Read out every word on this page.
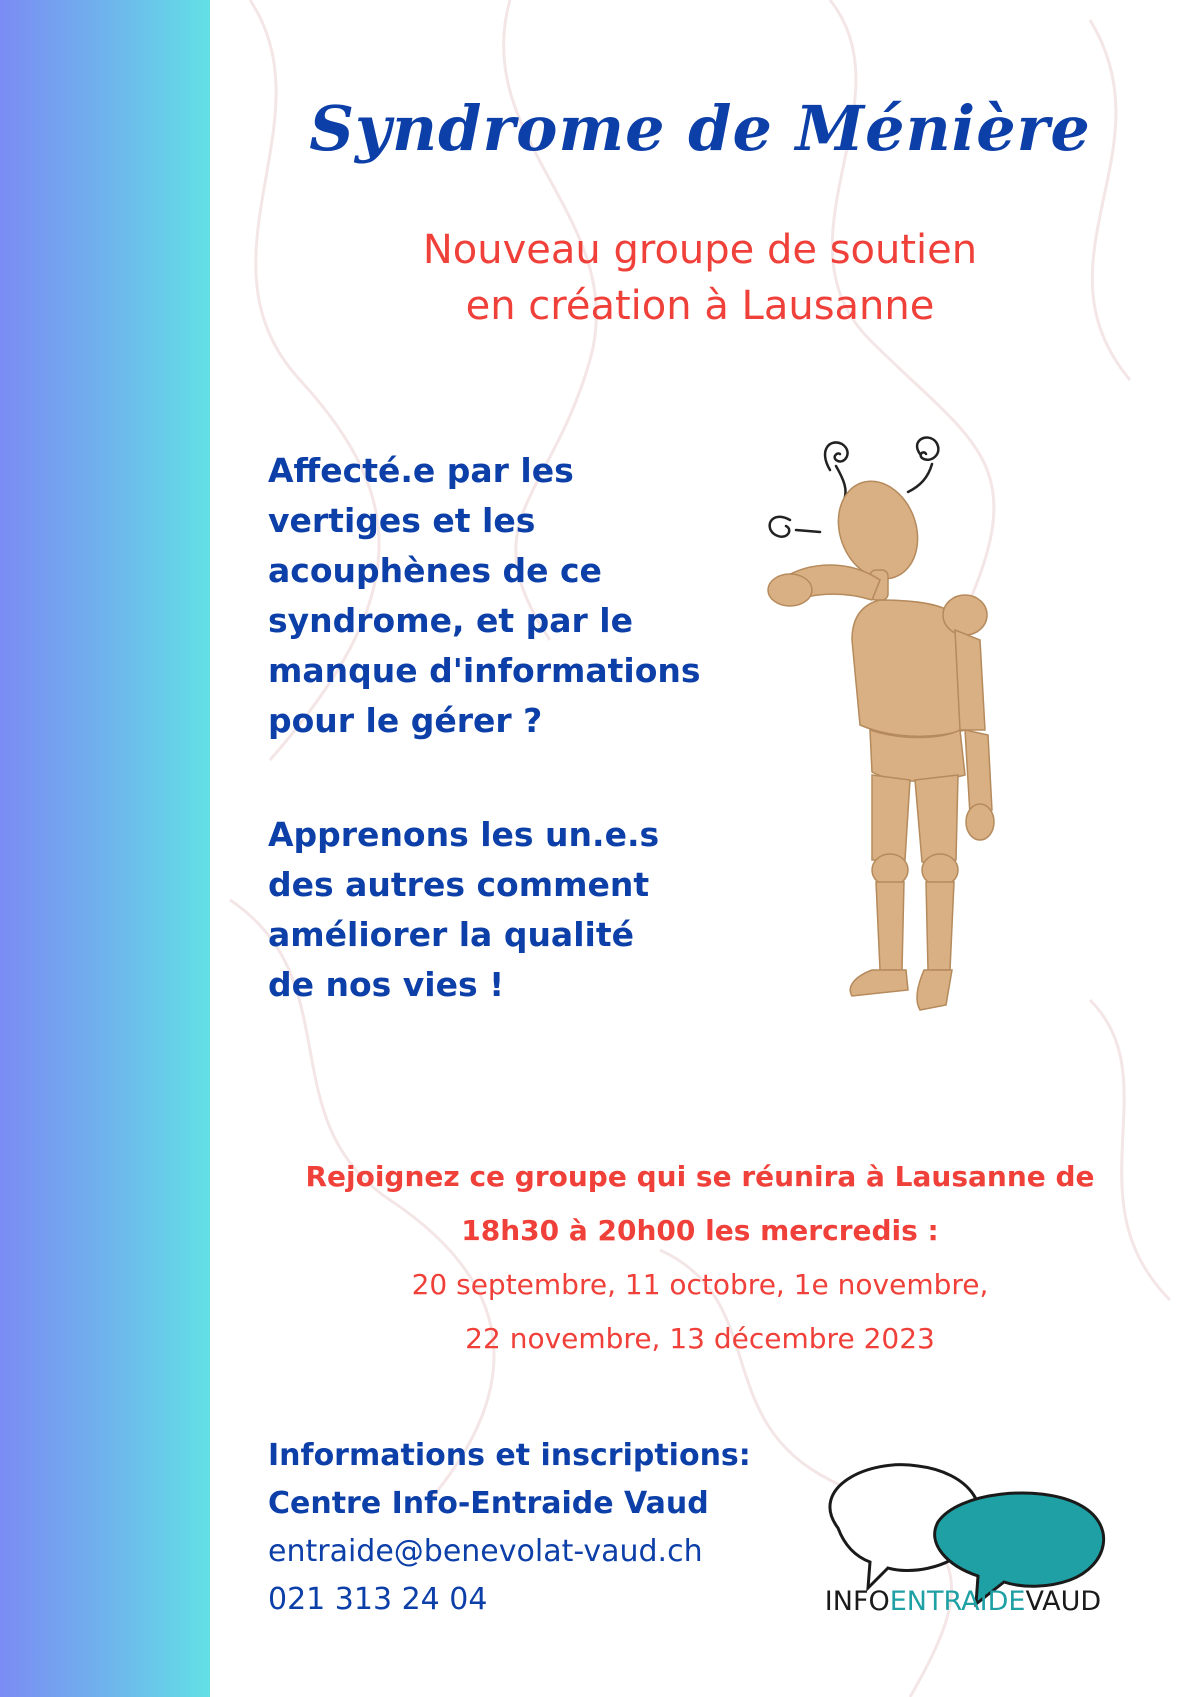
Syndrome de Ménière
Nouveau groupe de soutien
en création à Lausanne
Affecté.e par les
vertiges et les
acouphènes de ce
syndrome, et par le
manque d'informations
pour le gérer ?
Apprenons les un.e.s
des autres comment
améliorer la qualité
de nos vies !
Rejoignez ce groupe qui se réunira à Lausanne de
18h30 à 20h00 les mercredis :
20 septembre, 11 octobre, 1e novembre,
22 novembre, 13 décembre 2023
Informations et inscriptions:
Centre Info-Entraide Vaud
entraide@benevolat-vaud.ch
021 313 24 04	INFOENTRAIDEVAUD
